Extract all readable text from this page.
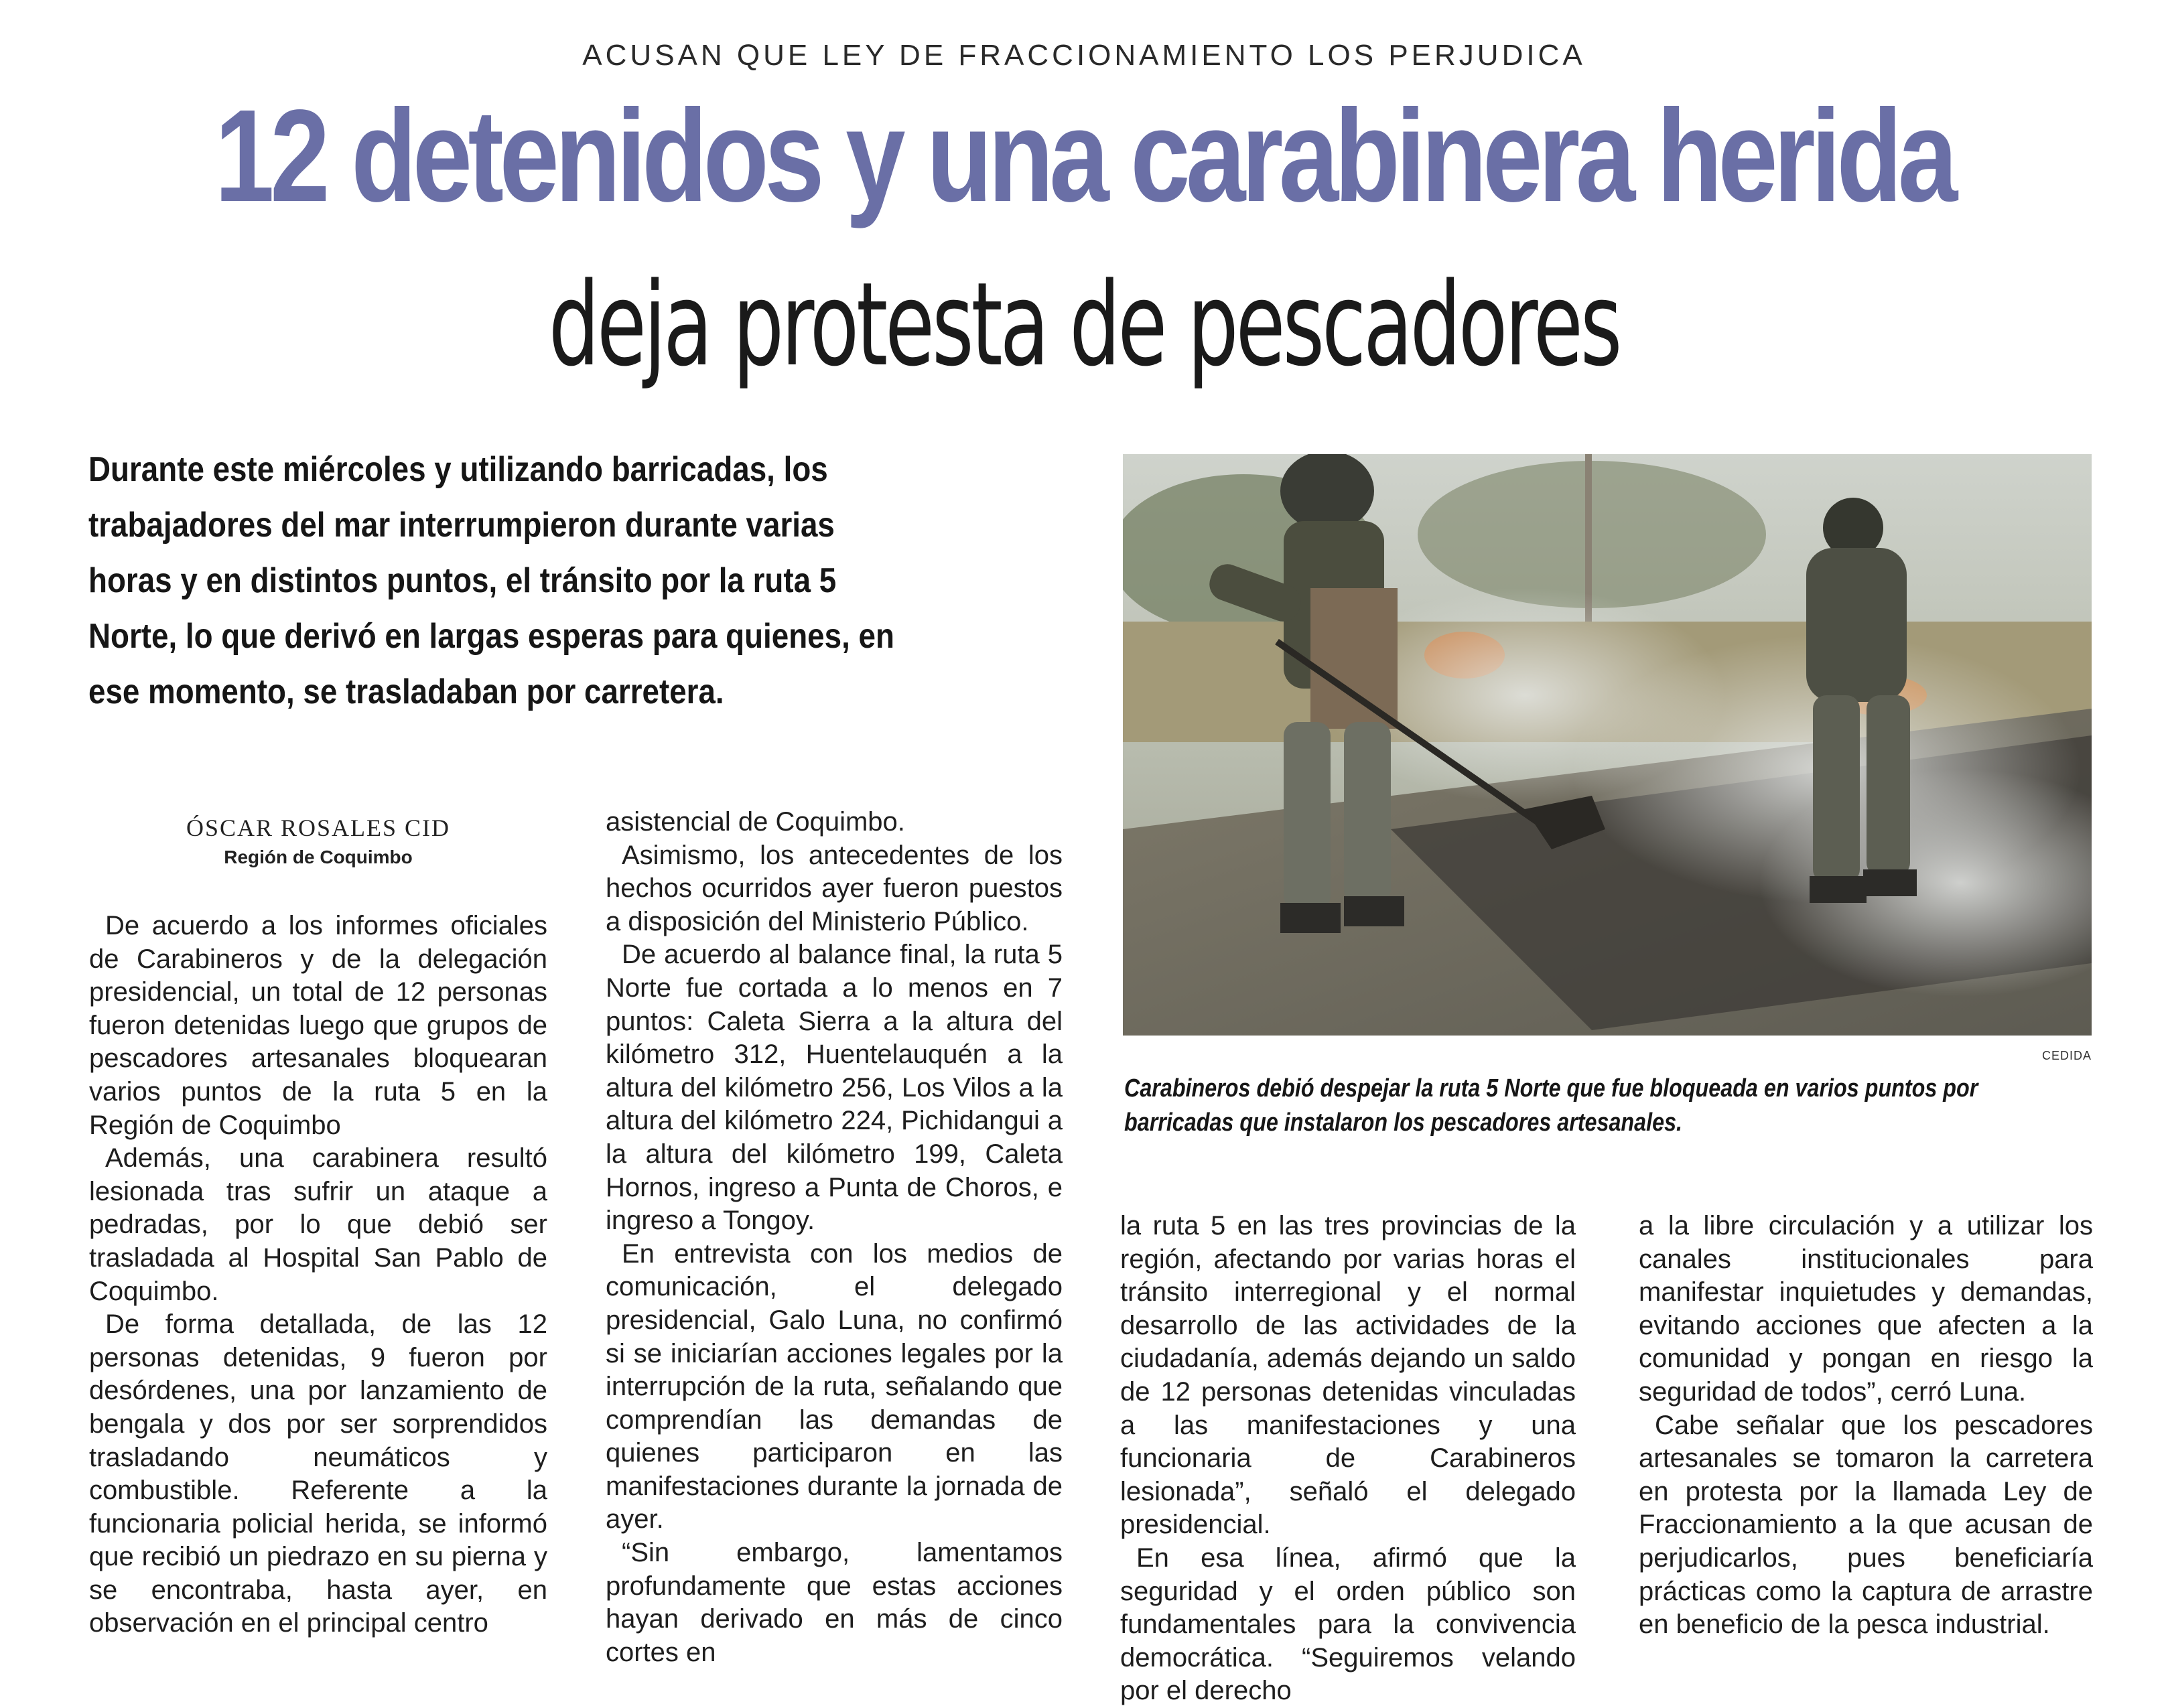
ACUSAN QUE LEY DE FRACCIONAMIENTO LOS PERJUDICA
12 detenidos y una carabinera herida
deja protesta de pescadores
Durante este miércoles y utilizando barricadas, los trabajadores del mar interrumpieron durante varias horas y en distintos puntos, el tránsito por la ruta 5 Norte, lo que derivó en largas esperas para quienes, en ese momento, se trasladaban por carretera.
CEDIDA
Carabineros debió despejar la ruta 5 Norte que fue bloqueada en varios puntos por barricadas que instalaron los pescadores artesanales.
ÓSCAR ROSALES CID
Región de Coquimbo

De acuerdo a los informes oficiales de Carabineros y de la delegación presidencial, un total de 12 personas fueron detenidas luego que grupos de pescadores artesanales bloquearan varios puntos de la ruta 5 en la Región de Coquimbo

Además, una carabinera resultó lesionada tras sufrir un ataque a pedradas, por lo que debió ser trasladada al Hospital San Pablo de Coquimbo.

De forma detallada, de las 12 personas detenidas, 9 fueron por desórdenes, una por lanzamiento de bengala y dos por ser sorprendidos trasladando neumáticos y combustible. Referente a la funcionaria policial herida, se informó que recibió un piedrazo en su pierna y se encontraba, hasta ayer, en observación en el principal centro

asistencial de Coquimbo.

Asimismo, los antecedentes de los hechos ocurridos ayer fueron puestos a disposición del Ministerio Público.

De acuerdo al balance final, la ruta 5 Norte fue cortada a lo menos en 7 puntos: Caleta Sierra a la altura del kilómetro 312, Huentelauquén a la altura del kilómetro 256, Los Vilos a la altura del kilómetro 224, Pichidangui a la altura del kilómetro 199, Caleta Hornos, ingreso a Punta de Choros, e ingreso a Tongoy.

En entrevista con los medios de comunicación, el delegado presidencial, Galo Luna, no confirmó si se iniciarían acciones legales por la interrupción de la ruta, señalando que comprendían las demandas de quienes participaron en las manifestaciones durante la jornada de ayer.

“Sin embargo, lamentamos profundamente que estas acciones hayan derivado en más de cinco cortes en

la ruta 5 en las tres provincias de la región, afectando por varias horas el tránsito interregional y el normal desarrollo de las actividades de la ciudadanía, además dejando un saldo de 12 personas detenidas vinculadas a las manifestaciones y una funcionaria de Carabineros lesionada”, señaló el delegado presidencial.

En esa línea, afirmó que la seguridad y el orden público son fundamentales para la convivencia democrática. “Seguiremos velando por el derecho

a la libre circulación y a utilizar los canales institucionales para manifestar inquietudes y demandas, evitando acciones que afecten a la comunidad y pongan en riesgo la seguridad de todos”, cerró Luna.

Cabe señalar que los pescadores artesanales se tomaron la carretera en protesta por la llamada Ley de Fraccionamiento a la que acusan de perjudicarlos, pues beneficiaría prácticas como la captura de arrastre en beneficio de la pesca industrial.
